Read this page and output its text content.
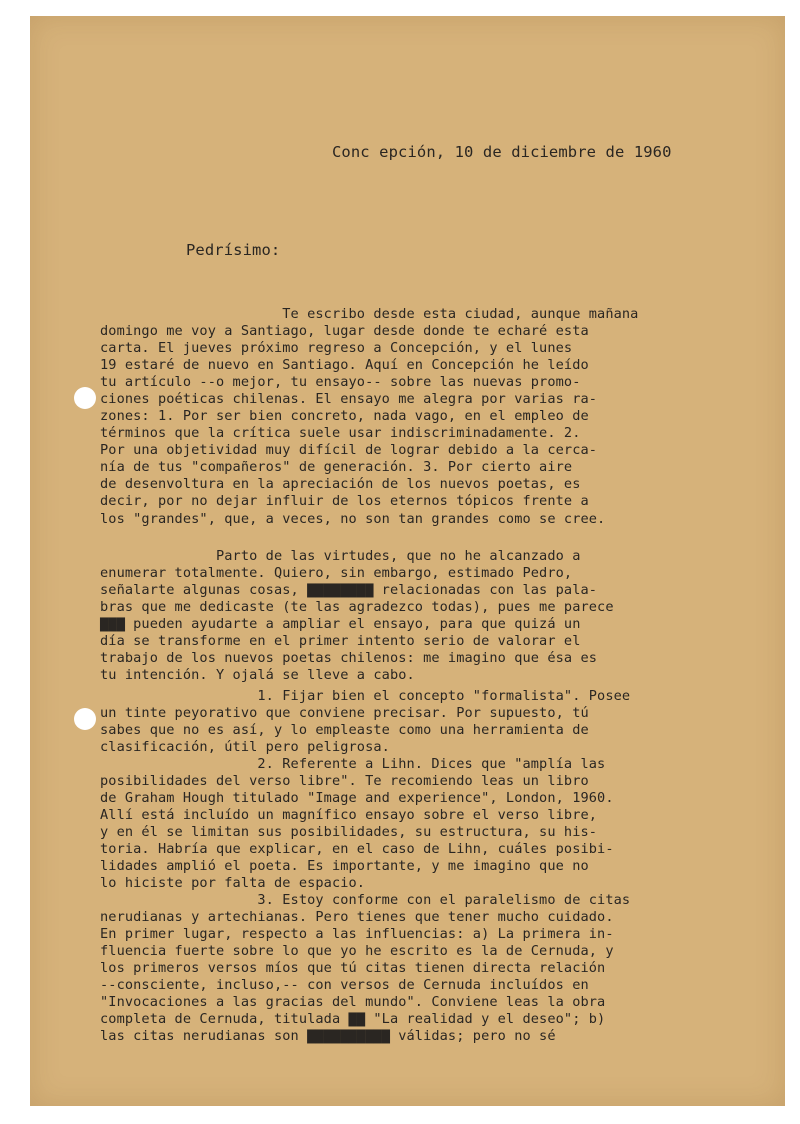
Conc epción, 10 de diciembre de 1960

Pedrísimo:

Te escribo desde esta ciudad, aunque mañana

domingo me voy a Santiago, lugar desde donde te echaré esta

carta. El jueves próximo regreso a Concepción, y el lunes

19 estaré de nuevo en Santiago. Aquí en Concepción he leído

tu artículo --o mejor, tu ensayo-- sobre las nuevas promo-

ciones poéticas chilenas. El ensayo me alegra por varias ra-

zones: 1. Por ser bien concreto, nada vago, en el empleo de

términos que la crítica suele usar indiscriminadamente. 2.

Por una objetividad muy difícil de lograr debido a la cerca-

nía de tus "compañeros" de generación. 3. Por cierto aire

de desenvoltura en la apreciación de los nuevos poetas, es

decir, por no dejar influir de los eternos tópicos frente a

los "grandes", que, a veces, no son tan grandes como se cree.

Parto de las virtudes, que no he alcanzado a

enumerar totalmente. Quiero, sin embargo, estimado Pedro,

señalarte algunas cosas, ▇▇▇▇▇▇▇▇ relacionadas con las pala-

bras que me dedicaste (te las agradezco todas), pues me parece

▇▇▇ pueden ayudarte a ampliar el ensayo, para que quizá un

día se transforme en el primer intento serio de valorar el

trabajo de los nuevos poetas chilenos: me imagino que ésa es

tu intención. Y ojalá se lleve a cabo.

1. Fijar bien el concepto "formalista". Posee

un tinte peyorativo que conviene precisar. Por supuesto, tú

sabes que no es así, y lo empleaste como una herramienta de

clasificación, útil pero peligrosa.

2. Referente a Lihn. Dices que "amplía las

posibilidades del verso libre". Te recomiendo leas un libro

de Graham Hough titulado "Image and experience", London, 1960.

Allí está incluído un magnífico ensayo sobre el verso libre,

y en él se limitan sus posibilidades, su estructura, su his-

toria. Habría que explicar, en el caso de Lihn, cuáles posibi-

lidades amplió el poeta. Es importante, y me imagino que no

lo hiciste por falta de espacio.

3. Estoy conforme con el paralelismo de citas

nerudianas y artechianas. Pero tienes que tener mucho cuidado.

En primer lugar, respecto a las influencias: a) La primera in-

fluencia fuerte sobre lo que yo he escrito es la de Cernuda, y

los primeros versos míos que tú citas tienen directa relación

--consciente, incluso,-- con versos de Cernuda incluídos en

"Invocaciones a las gracias del mundo". Conviene leas la obra

completa de Cernuda, titulada ▇▇ "La realidad y el deseo"; b)

las citas nerudianas son ▇▇▇▇▇▇▇▇▇▇ válidas; pero no sé
